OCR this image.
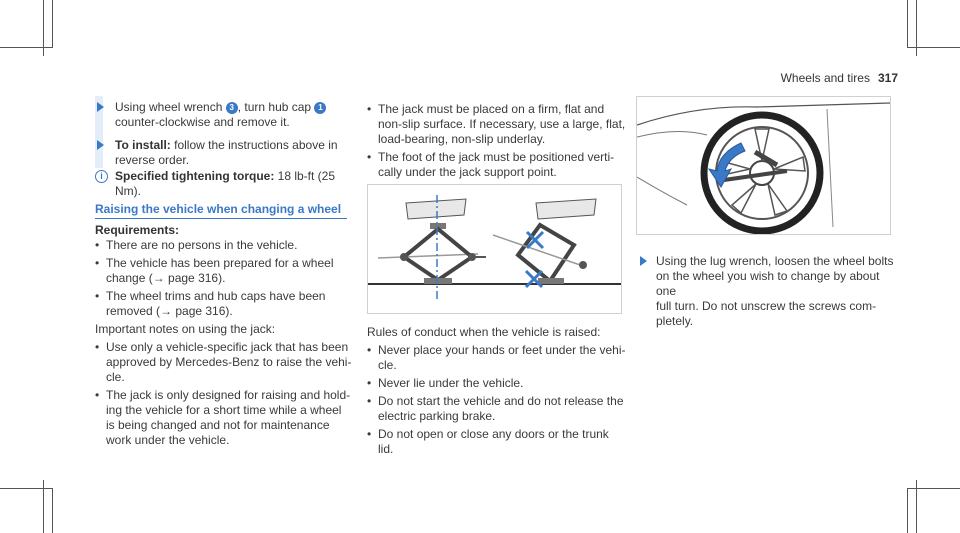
Wheels and tires 317
Using wheel wrench 3 , turn hub cap 1
counter-clockwise and remove it.
To install: follow the instructions above in
reverse order.
i	Specified tightening torque: 18 lb-ft (25 Nm).
Raising the vehicle when changing a wheel
Requirements:
• There are no persons in the vehicle.
• The vehicle has been prepared for a wheel
change (→ page 316).
• The wheel trims and hub caps have been
removed (→ page 316).
Important notes on using the jack:
• Use only a vehicle-specific jack that has been
approved by Mercedes-Benz to raise the vehi-
cle.
• The jack is only designed for raising and hold-
ing the vehicle for a short time while a wheel
is being changed and not for maintenance
work under the vehicle.
• The jack must be placed on a firm, flat and
non-slip surface. If necessary, use a large, flat,
load-bearing, non-slip underlay.
• The foot of the jack must be positioned verti-
cally under the jack support point.
Rules of conduct when the vehicle is raised:
• Never place your hands or feet under the vehi-
cle.
• Never lie under the vehicle.
• Do not start the vehicle and do not release the
electric parking brake.
• Do not open or close any doors or the trunk
lid.
Using the lug wrench, loosen the wheel bolts
on the wheel you wish to change by about one
full turn. Do not unscrew the screws com-
pletely.
